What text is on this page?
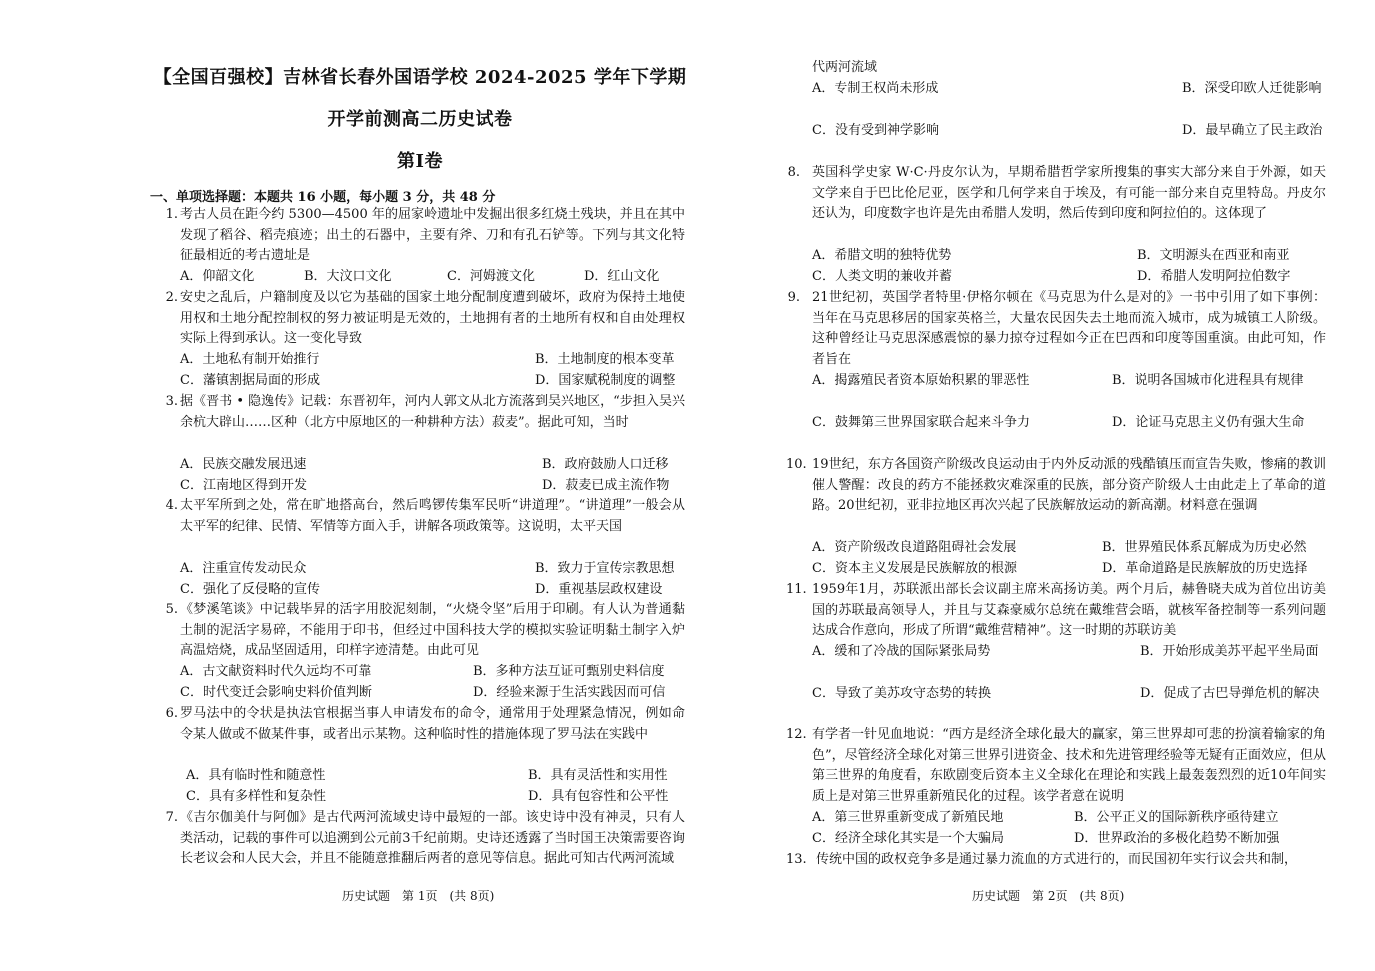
【全国百强校】吉林省长春外国语学校 2024-2025 学年下学期
开学前测高二历史试卷
第Ⅰ卷
一、单项选择题：本题共 16 小题，每小题 3 分，共 48 分
1. 考古人员在距今约 5300—4500 年的屈家岭遗址中发掘出很多红烧土残块，并且在其中发现了稻谷、稻壳痕迹；出土的石器中，主要有斧、刀和有孔石铲等。下列与其文化特征最相近的考古遗址是
A．仰韶文化	B．大汶口文化	C．河姆渡文化	D．红山文化
2. 安史之乱后，户籍制度及以它为基础的国家土地分配制度遭到破坏，政府为保持土地使用权和土地分配控制权的努力被证明是无效的，土地拥有者的土地所有权和自由处理权实际上得到承认。这一变化导致
A．土地私有制开始推行	B．土地制度的根本变革
C．藩镇割据局面的形成	D．国家赋税制度的调整
3. 据《晋书 • 隐逸传》记载：东晋初年，河内人郭文从北方流落到吴兴地区，“步担入吴兴余杭大辟山……区种（北方中原地区的一种耕种方法）菽麦”。据此可知，当时
A．民族交融发展迅速	B．政府鼓励人口迁移
C．江南地区得到开发	D．菽麦已成主流作物
4. 太平军所到之处，常在旷地搭高台，然后鸣锣传集军民听“讲道理”。“讲道理”一般会从太平军的纪律、民情、军情等方面入手，讲解各项政策等。这说明，太平天国
A．注重宣传发动民众	B．致力于宣传宗教思想
C．强化了反侵略的宣传	D．重视基层政权建设
5. 《梦溪笔谈》中记载毕昇的活字用胶泥刻制，“火烧令坚”后用于印刷。有人认为普通黏土制的泥活字易碎，不能用于印书，但经过中国科技大学的模拟实验证明黏土制字入炉高温焙烧，成品坚固适用，印样字迹清楚。由此可见
A．古文献资料时代久远均不可靠	B．多种方法互证可甄别史料信度
C．时代变迁会影响史料价值判断	D．经验来源于生活实践因而可信
6. 罗马法中的令状是执法官根据当事人申请发布的命令，通常用于处理紧急情况，例如命令某人做或不做某件事，或者出示某物。这种临时性的措施体现了罗马法在实践中
A．具有临时性和随意性	B．具有灵活性和实用性
C．具有多样性和复杂性	D．具有包容性和公平性
7. 《吉尔伽美什与阿伽》是古代两河流域史诗中最短的一部。该史诗中没有神灵，只有人类活动，记载的事件可以追溯到公元前3千纪前期。史诗还透露了当时国王决策需要咨询长老议会和人民大会，并且不能随意推翻后两者的意见等信息。据此可知古代两河流域
代两河流域
A．专制王权尚未形成	B．深受印欧人迁徙影响
C．没有受到神学影响	D．最早确立了民主政治
8. 英国科学史家 W·C·丹皮尔认为，早期希腊哲学家所搜集的事实大部分来自于外源，如天文学来自于巴比伦尼亚，医学和几何学来自于埃及，有可能一部分来自克里特岛。丹皮尔还认为，印度数字也许是先由希腊人发明，然后传到印度和阿拉伯的。这体现了
A．希腊文明的独特优势	B．文明源头在西亚和南亚
C．人类文明的兼收并蓄	D．希腊人发明阿拉伯数字
9. 21世纪初，英国学者特里·伊格尔顿在《马克思为什么是对的》一书中引用了如下事例：当年在马克思移居的国家英格兰，大量农民因失去土地而流入城市，成为城镇工人阶级。这种曾经让马克思深感震惊的暴力掠夺过程如今正在巴西和印度等国重演。由此可知，作者旨在
A．揭露殖民者资本原始积累的罪恶性	B．说明各国城市化进程具有规律
C．鼓舞第三世界国家联合起来斗争力	D．论证马克思主义仍有强大生命
10. 19世纪，东方各国资产阶级改良运动由于内外反动派的残酷镇压而宣告失败，惨痛的教训催人警醒：改良的药方不能拯救灾难深重的民族，部分资产阶级人士由此走上了革命的道路。20世纪初，亚非拉地区再次兴起了民族解放运动的新高潮。材料意在强调
A．资产阶级改良道路阻碍社会发展	B．世界殖民体系瓦解成为历史必然
C．资本主义发展是民族解放的根源	D．革命道路是民族解放的历史选择
11. 1959年1月，苏联派出部长会议副主席米高扬访美。两个月后，赫鲁晓夫成为首位出访美国的苏联最高领导人，并且与艾森豪威尔总统在戴维营会晤，就核军备控制等一系列问题达成合作意向，形成了所谓“戴维营精神”。这一时期的苏联访美
A．缓和了冷战的国际紧张局势	B．开始形成美苏平起平坐局面
C．导致了美苏攻守态势的转换	D．促成了古巴导弹危机的解决
12. 有学者一针见血地说：“西方是经济全球化最大的赢家，第三世界却可悲的扮演着输家的角色”，尽管经济全球化对第三世界引进资金、技术和先进管理经验等无疑有正面效应，但从第三世界的角度看，东欧剧变后资本主义全球化在理论和实践上最轰轰烈烈的近10年间实质上是对第三世界重新殖民化的过程。该学者意在说明
A．第三世界重新变成了新殖民地	B．公平正义的国际新秩序亟待建立
C．经济全球化其实是一个大骗局	D．世界政治的多极化趋势不断加强
13. 传统中国的政权竞争多是通过暴力流血的方式进行的，而民国初年实行议会共和制，
历史试题　第 1页　(共 8页)	历史试题　第 2页　(共 8页)
